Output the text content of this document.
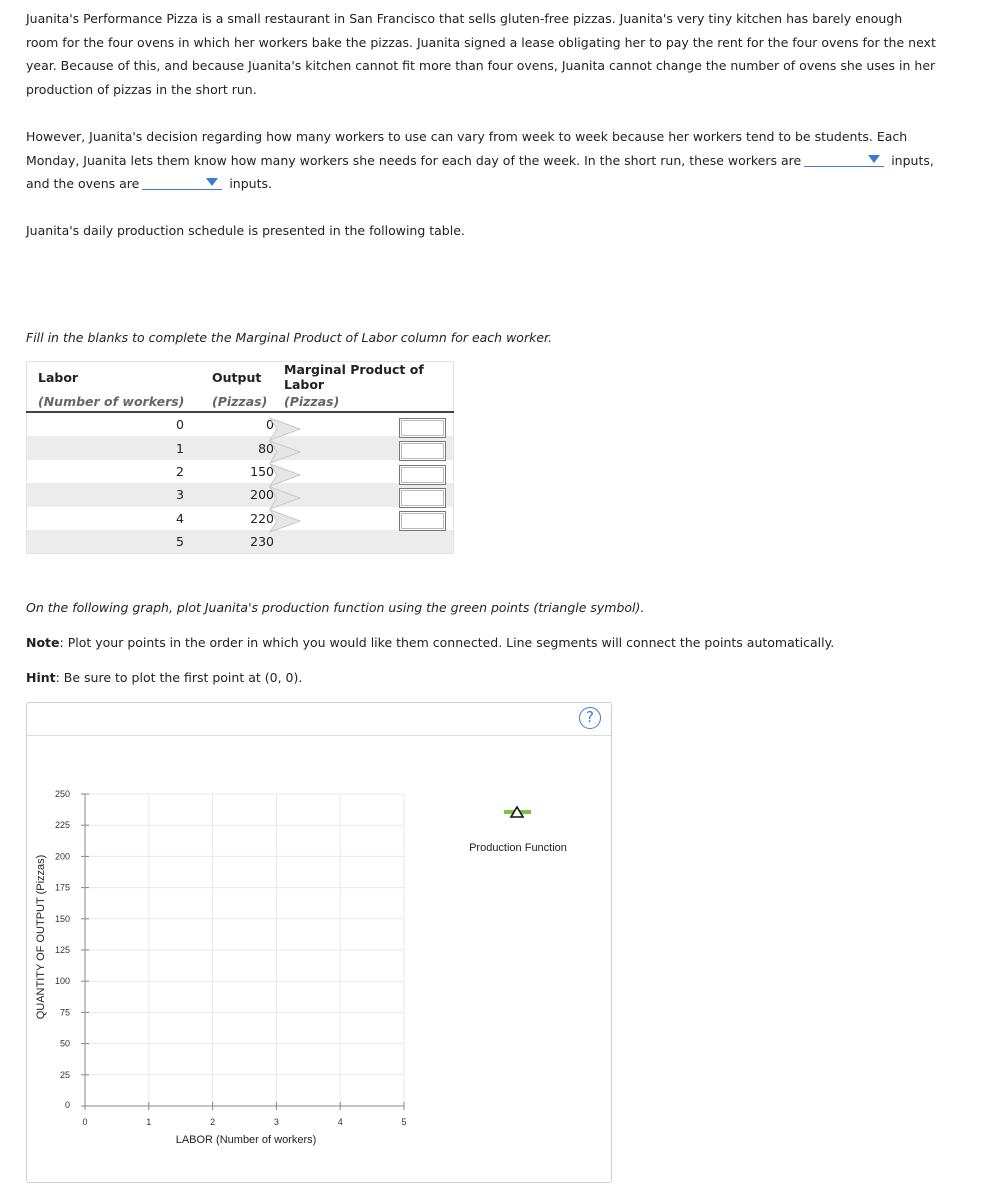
Juanita's Performance Pizza is a small restaurant in San Francisco that sells gluten-free pizzas. Juanita's very tiny kitchen has barely enough room for the four ovens in which her workers bake the pizzas. Juanita signed a lease obligating her to pay the rent for the four ovens for the next year. Because of this, and because Juanita's kitchen cannot fit more than four ovens, Juanita cannot change the number of ovens she uses in her production of pizzas in the short run.
However, Juanita's decision regarding how many workers to use can vary from week to week because her workers tend to be students. Each Monday, Juanita lets them know how many workers she needs for each day of the week. In the short run, these workers are	inputs, and the ovens are	inputs.
Juanita's daily production schedule is presented in the following table.
Fill in the blanks to complete the Marginal Product of Labor column for each worker.
Labor	Output	Marginal Product of Labor
(Number of workers)	(Pizzas)	(Pizzas)
0	0	
1	80	
2	150	
3	200	
4	220	
5	230	
On the following graph, plot Juanita's production function using the green points (triangle symbol).
Note: Plot your points in the order in which you would like them connected. Line segments will connect the points automatically.
Hint: Be sure to plot the first point at (0, 0).
?
0	1	2	3	4	5
0
25
50
75
100
125
150
175
200
225
250
QUANTITY OF OUTPUT (Pizzas)
LABOR (Number of workers)
Production Function
